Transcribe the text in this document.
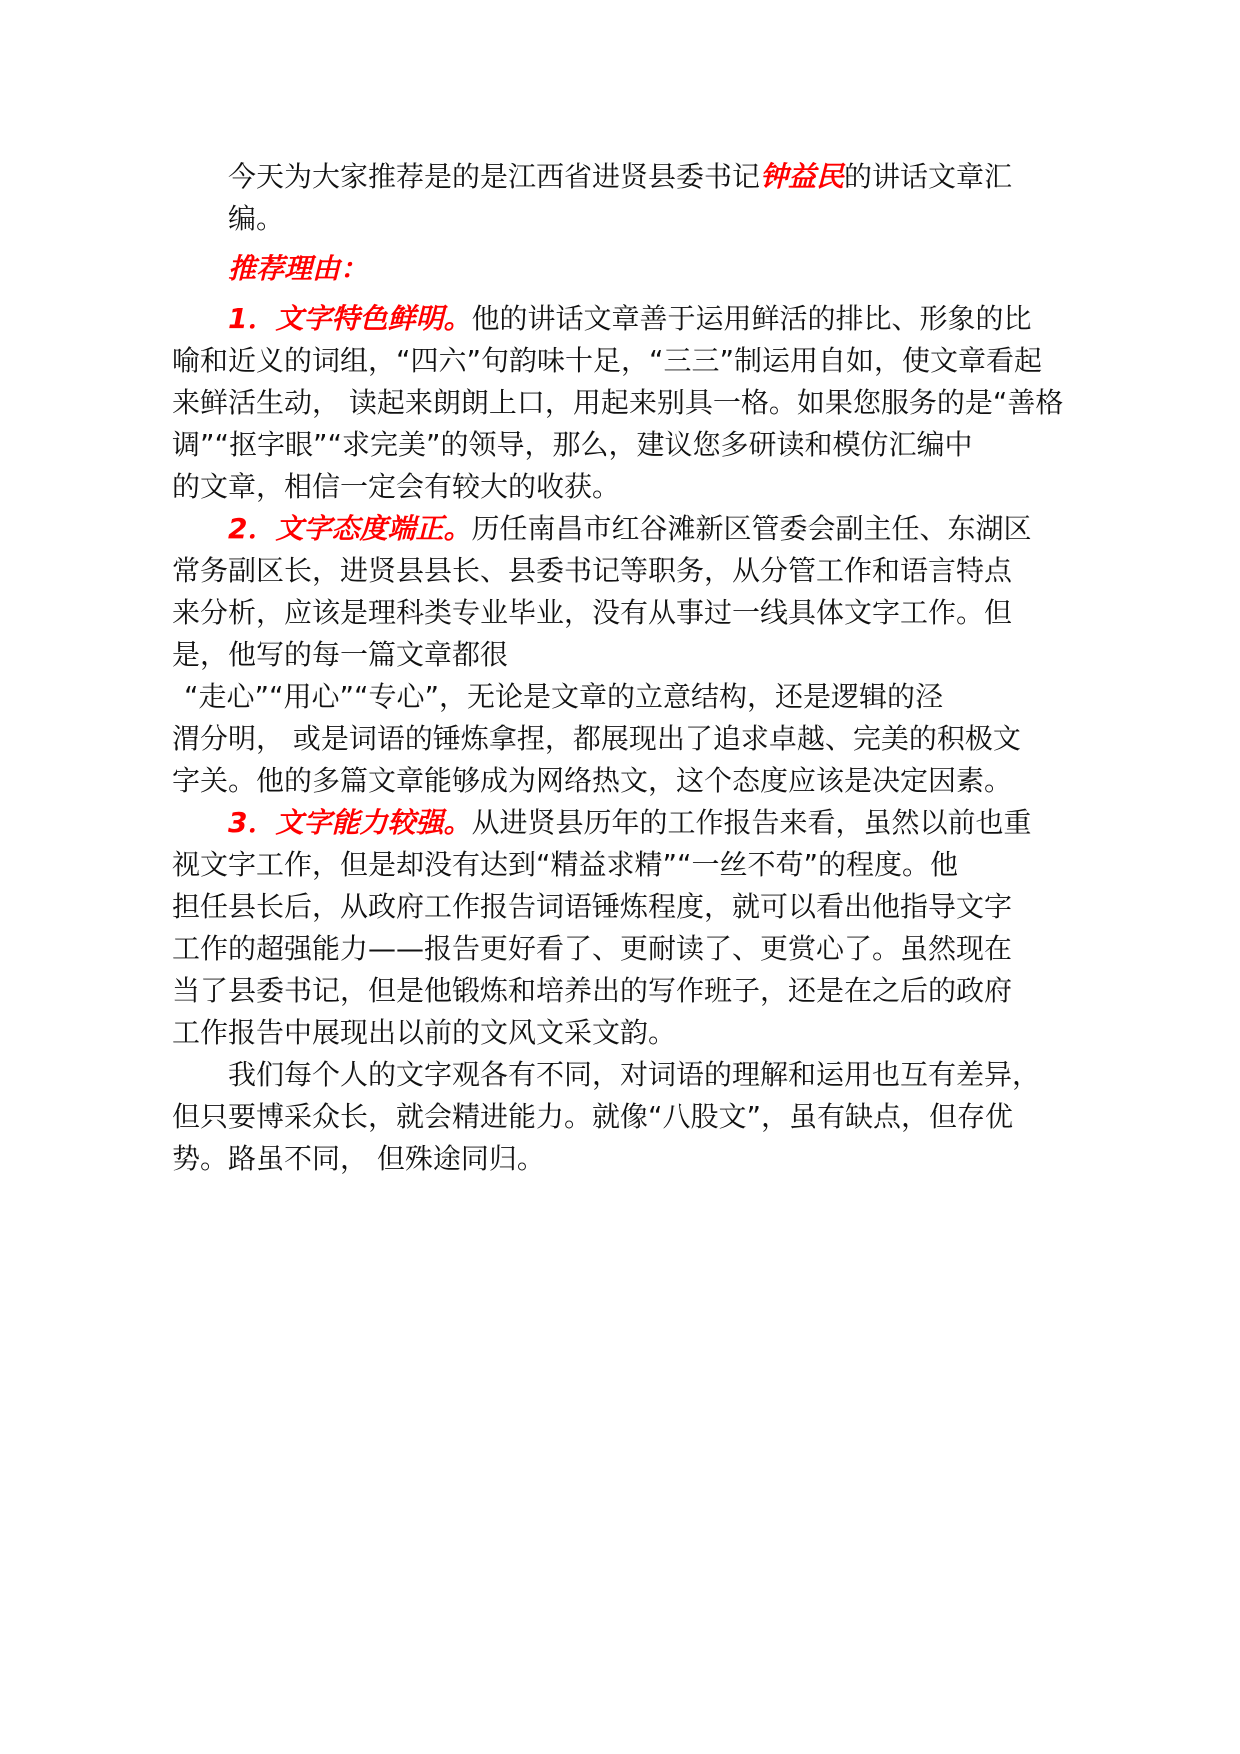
今天为大家推荐是的是江西省进贤县委书记钟益民的讲话文章汇
编。
推荐理由：
1．文字特色鲜明。他的讲话文章善于运用鲜活的排比、形象的比
喻和近义的词组，“四六”句韵味十足，“三三”制运用自如，使文章看起
来鲜活生动， 读起来朗朗上口，用起来别具一格。如果您服务的是“善格
调”“抠字眼”“求完美”的领导，那么，建议您多研读和模仿汇编中
的文章，相信一定会有较大的收获。
2．文字态度端正。历任南昌市红谷滩新区管委会副主任、东湖区
常务副区长，进贤县县长、县委书记等职务，从分管工作和语言特点
来分析，应该是理科类专业毕业，没有从事过一线具体文字工作。但
是，他写的每一篇文章都很
“走心”“用心”“专心”，无论是文章的立意结构，还是逻辑的泾
渭分明， 或是词语的锤炼拿捏，都展现出了追求卓越、完美的积极文
字关。他的多篇文章能够成为网络热文，这个态度应该是决定因素。
3．文字能力较强。从进贤县历年的工作报告来看，虽然以前也重
视文字工作，但是却没有达到“精益求精”“一丝不苟”的程度。他
担任县长后，从政府工作报告词语锤炼程度，就可以看出他指导文字
工作的超强能力——报告更好看了、更耐读了、更赏心了。虽然现在
当了县委书记，但是他锻炼和培养出的写作班子，还是在之后的政府
工作报告中展现出以前的文风文采文韵。
我们每个人的文字观各有不同，对词语的理解和运用也互有差异，
但只要博采众长，就会精进能力。就像“八股文”，虽有缺点，但存优
势。路虽不同， 但殊途同归。
